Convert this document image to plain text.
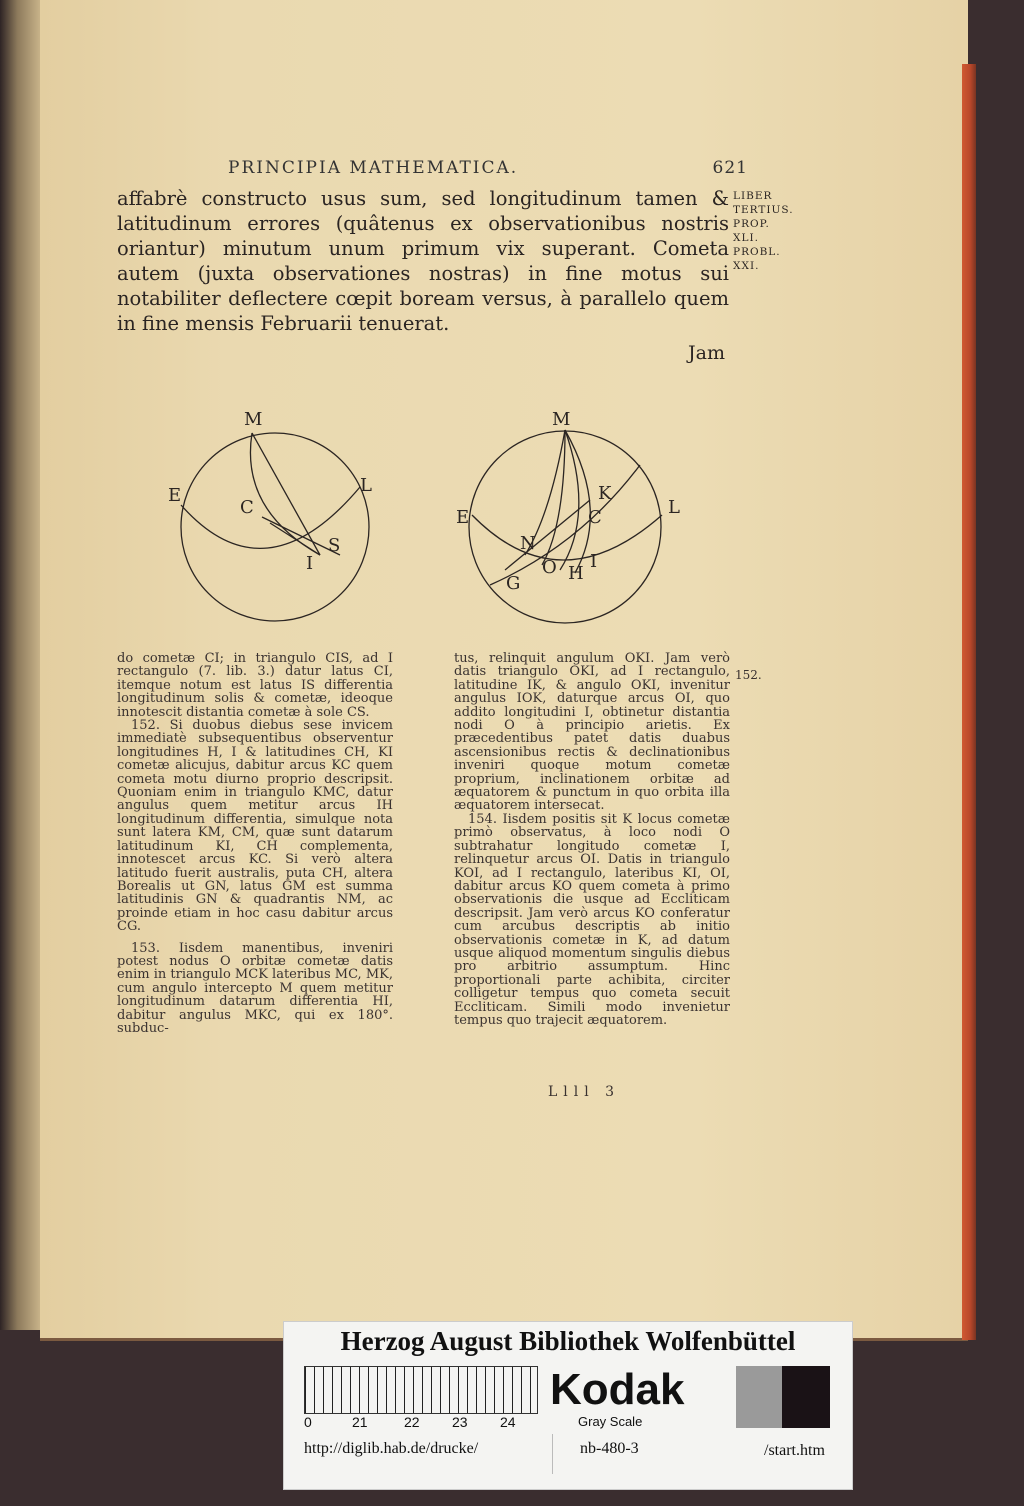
PRINCIPIA MATHEMATICA.	621
affabrè constructo usus sum, sed longitudinum tamen & latitudinum errores (quâtenus ex observationibus nostris oriantur) minutum unum primum vix superant. Cometa autem (juxta observationes nostras) in fine motus sui notabiliter deflectere cœpit boream versus, à parallelo quem in fine mensis Februarii tenuerat.
LIBER
TERTIUS.
PROP.
XLI.
PROBL.
XXI.
Jam
M
E	L
C
S
I
M
K
E	L
C
N
G
O H
I

do cometæ CI; in triangulo CIS, ad I rectangulo (7. lib. 3.) datur latus CI, itemque notum est latus IS differentia longitudinum solis & cometæ, ideoque innotescit distantia cometæ à sole CS.

152. Si duobus diebus sese invicem immediatè subsequentibus observentur longitudines H, I & latitudines CH, KI cometæ alicujus, dabitur arcus KC quem cometa motu diurno proprio descripsit. Quoniam enim in triangulo KMC, datur angulus quem metitur arcus IH longitudinum differentia, simulque nota sunt latera KM, CM, quæ sunt datarum latitudinum KI, CH complementa, innotescet arcus KC. Si verò altera latitudo fuerit australis, puta CH, altera Borealis ut GN, latus GM est summa latitudinis GN & quadrantis NM, ac proinde etiam in hoc casu dabitur arcus CG.

153. Iisdem manentibus, inveniri potest nodus O orbitæ cometæ datis enim in triangulo MCK lateribus MC, MK, cum angulo intercepto M quem metitur longitudinum datarum differentia HI, dabitur angulus MKC, qui ex 180°. subduc-

tus, relinquit angulum OKI. Jam verò datis triangulo OKI, ad I rectangulo, latitudine IK, & angulo OKI, invenitur angulus IOK, daturque arcus OI, quo addito longitudini I, obtinetur distantia nodi O à principio arietis. Ex præcedentibus patet datis duabus ascensionibus rectis & declinationibus inveniri quoque motum cometæ proprium, inclinationem orbitæ ad æquatorem & punctum in quo orbita illa æquatorem intersecat.

154. Iisdem positis sit K locus cometæ primò observatus, à loco nodi O subtrahatur longitudo cometæ I, relinquetur arcus OI. Datis in triangulo KOI, ad I rectangulo, lateribus KI, OI, dabitur arcus KO quem cometa à primo observationis die usque ad Eccliticam descripsit. Jam verò arcus KO conferatur cum arcubus descriptis ab initio observationis cometæ in K, ad datum usque aliquod momentum singulis diebus pro arbitrio assumptum. Hinc proportionali parte achibita, circiter colligetur tempus quo cometa secuit Eccliticam. Simili modo invenietur tempus quo trajecit æquatorem.

152.
Llll 3
Herzog August Bibliothek Wolfenbüttel
0	21	22 23 24
Kodak
Gray Scale
http://diglib.hab.de/drucke/	nb-480-3	/start.htm
